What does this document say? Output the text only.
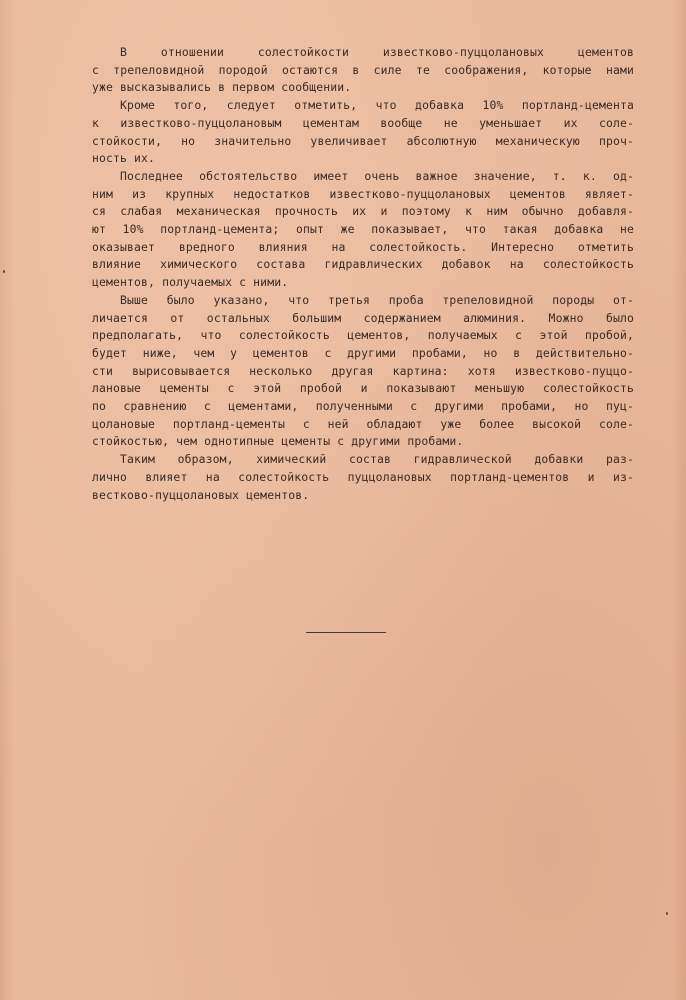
В отношении солестойкости известково-пуццолановых цементов
с трепеловидной породой остаются в силе те соображения, которые нами
уже высказывались в первом сообщении.
Кроме того, следует отметить, что добавка 10% портланд-цемента
к известково-пуццолановым цементам вообще не уменьшает их соле-
стойкости, но значительно увеличивает абсолютную механическую проч-
ность их.
Последнее обстоятельство имеет очень важное значение, т. к. од-
ним из крупных недостатков известково-пуццолановых цементов являет-
ся слабая механическая прочность их и поэтому к ним обычно добавля-
ют 10% портланд-цемента; опыт же показывает, что такая добавка не
оказывает вредного влияния на солестойкость. Интересно отметить
влияние химического состава гидравлических добавок на солестойкость
цементов, получаемых с ними.
Выше было указано, что третья проба трепеловидной породы от-
личается от остальных большим содержанием алюминия. Можно было
предполагать, что солестойкость цементов, получаемых с этой пробой,
будет ниже, чем у цементов с другими пробами, но в действительно-
сти вырисовывается несколько другая картина: хотя известково-пуццо-
лановые цементы с этой пробой и показывают меньшую солестойкость
по сравнению с цементами, полученными с другими пробами, но пуц-
цолановые портланд-цементы с ней обладают уже более высокой соле-
стойкостью, чем однотипные цементы с другими пробами.
Таким образом, химический состав гидравлической добавки раз-
лично влияет на солестойкость пуццолановых портланд-цементов и из-
вестково-пуццолановых цементов.
